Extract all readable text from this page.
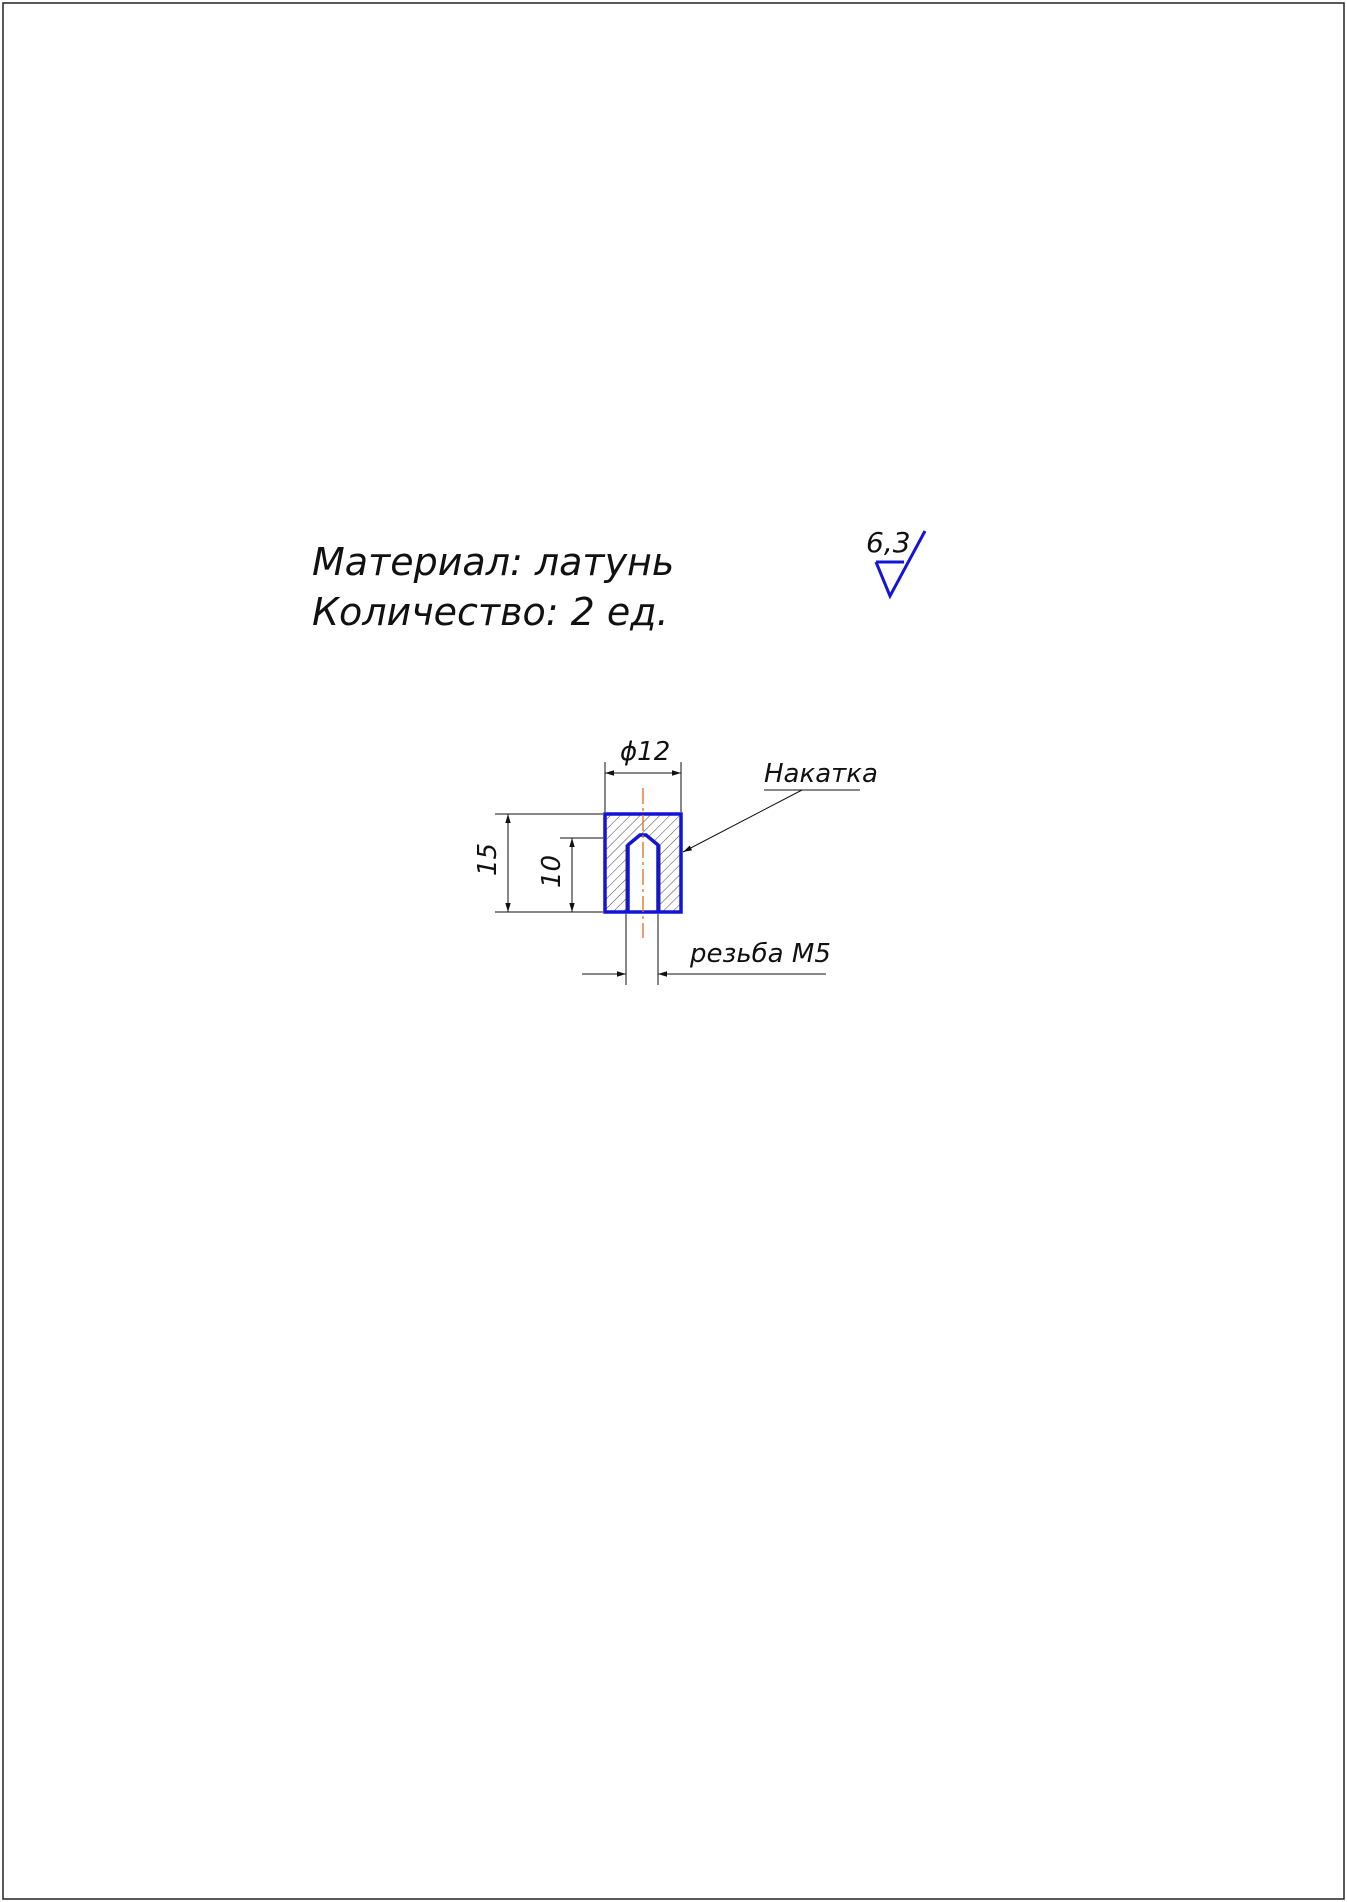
Материал: латунь
Количество: 2 ед.
6,3
ϕ12
15 10
резьба М5
Накатка
